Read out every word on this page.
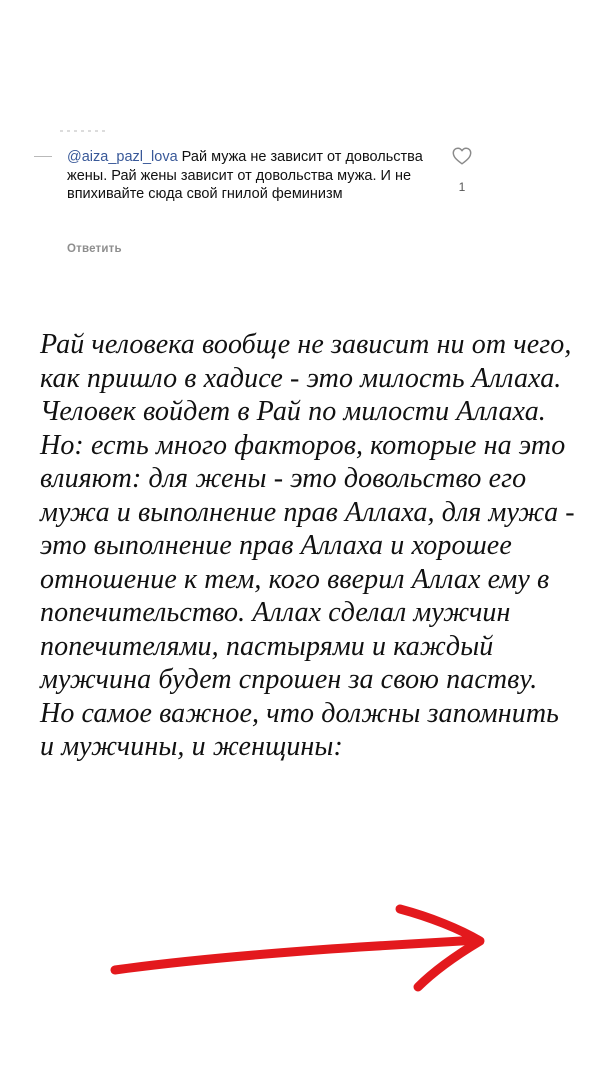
@aiza_pazl_lova Рай мужа не зависит от довольства жены. Рай жены зависит от довольства мужа. И не впихивайте сюда свой гнилой феминизм
Ответить
1
Рай человека вообще не зависит ни от чего, как пришло в хадисе - это милость Аллаха. Человек войдет в Рай по милости Аллаха. Но: есть много факторов, которые на это влияют: для жены - это довольство его мужа и выполнение прав Аллаха, для мужа - это выполнение прав Аллаха и хорошее отношение к тем, кого вверил Аллах ему в попечительство. Аллах сделал мужчин попечителями, пастырями и каждый мужчина будет спрошен за свою паству. Но самое важное, что должны запомнить и мужчины, и женщины:
